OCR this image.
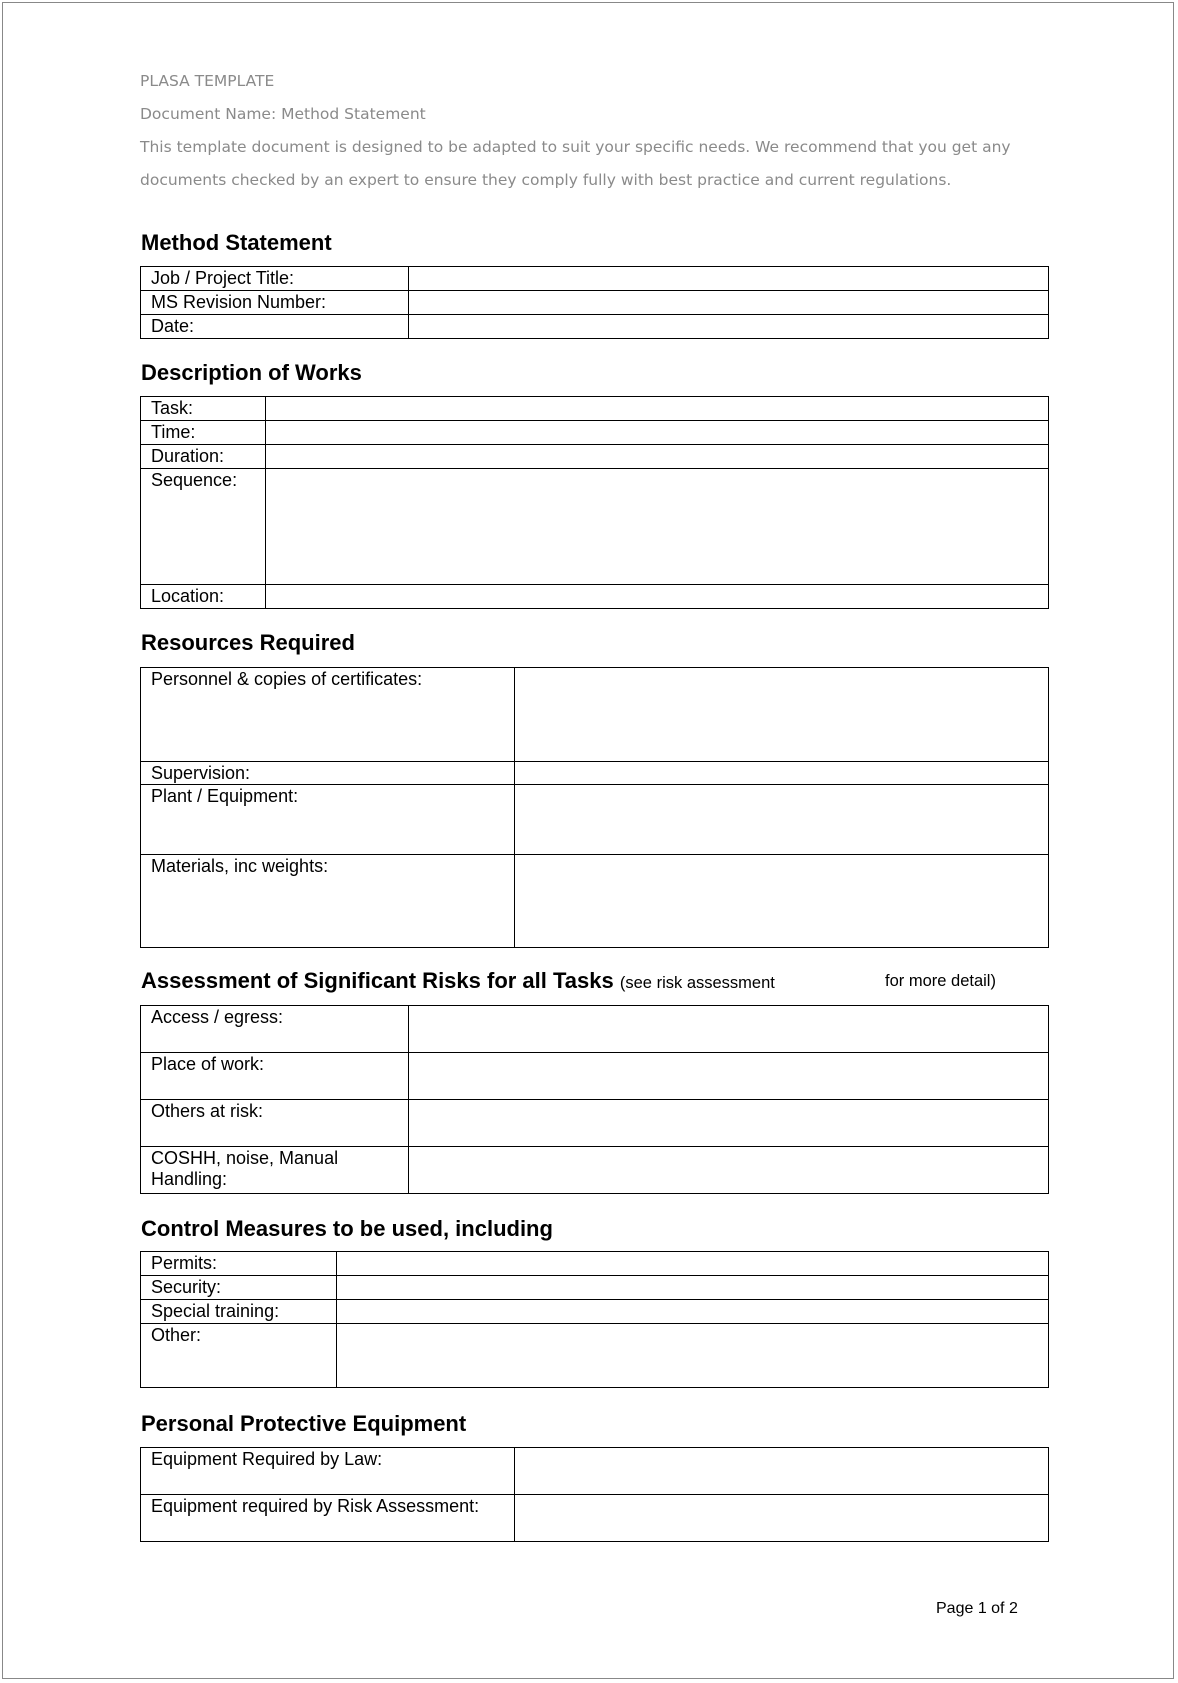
PLASA TEMPLATE
Document Name: Method Statement
This template document is designed to be adapted to suit your specific needs. We recommend that you get any
documents checked by an expert to ensure they comply fully with best practice and current regulations.
Method Statement
Job / Project Title:	
MS Revision Number:	
Date:	
Description of Works
Task:	
Time:	
Duration:	
Sequence:	
Location:	
Resources Required
Personnel & copies of certificates:	
Supervision:	
Plant / Equipment:	
Materials, inc weights:	
Assessment of Significant Risks for all Tasks (see risk assessment	for more detail)
Access / egress:	
Place of work:	
Others at risk:	
COSHH, noise, Manual Handling:	
Control Measures to be used, including
Permits:	
Security:	
Special training:	
Other:	
Personal Protective Equipment
Equipment Required by Law:	
Equipment required by Risk Assessment:	
Page 1 of 2
